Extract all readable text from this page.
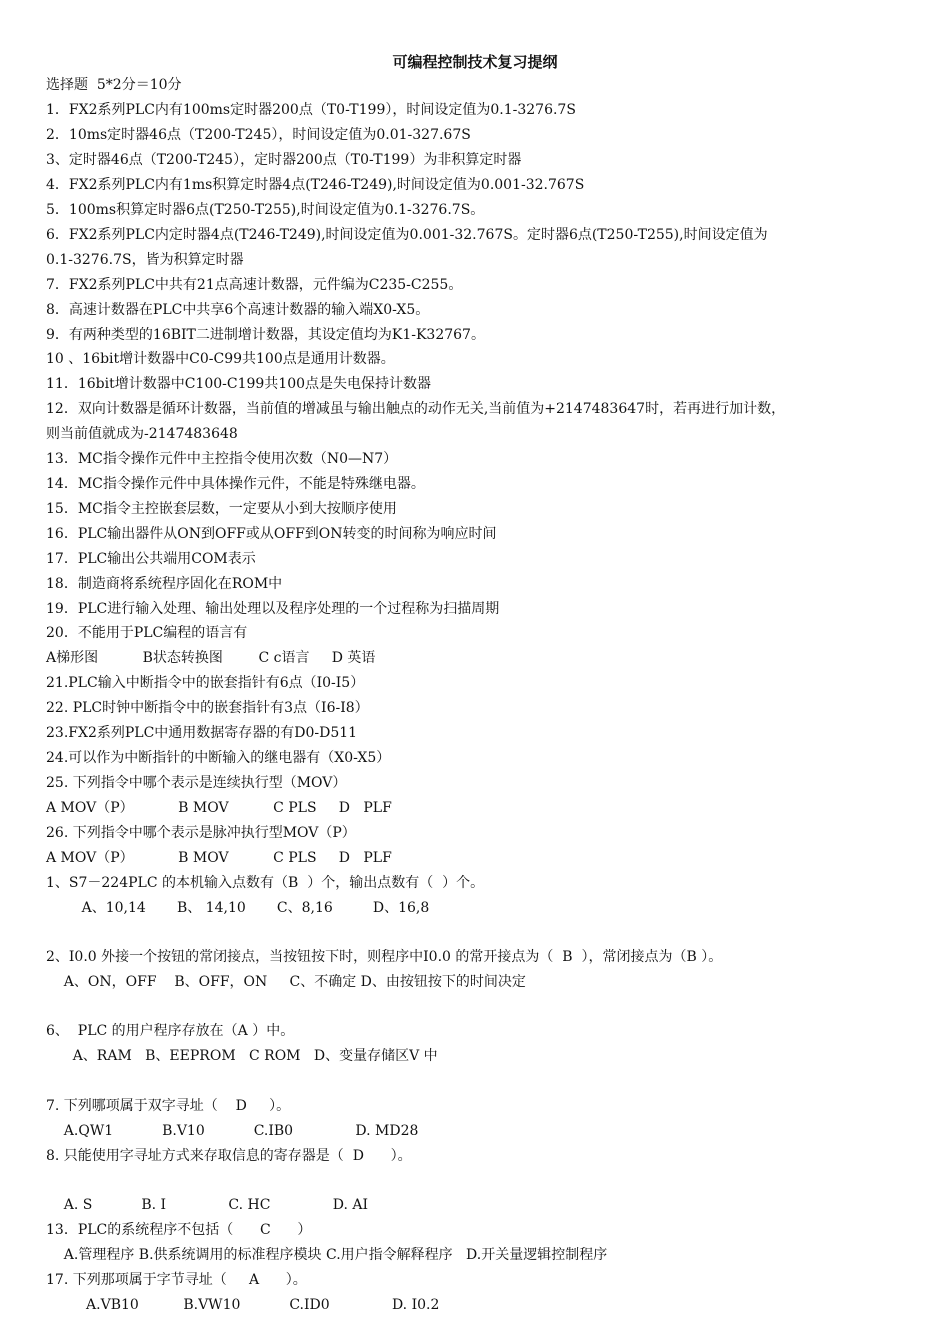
可编程控制技术复习提纲
选择题  5*2分＝10分
1．FX2系列PLC内有100ms定时器200点（T0-T199），时间设定值为0.1-3276.7S
2．10ms定时器46点（T200-T245），时间设定值为0.01-327.67S
3、定时器46点（T200-T245），定时器200点（T0-T199）为非积算定时器
4．FX2系列PLC内有1ms积算定时器4点(T246-T249),时间设定值为0.001-32.767S
5．100ms积算定时器6点(T250-T255),时间设定值为0.1-3276.7S。
6．FX2系列PLC内定时器4点(T246-T249),时间设定值为0.001-32.767S。定时器6点(T250-T255),时间设定值为
0.1-3276.7S，皆为积算定时器
7．FX2系列PLC中共有21点高速计数器，元件编为C235-C255。
8．高速计数器在PLC中共享6个高速计数器的输入端X0-X5。
9．有两种类型的16BIT二进制增计数器，其设定值均为K1-K32767。
10 、16bit增计数器中C0-C99共100点是通用计数器。
11．16bit增计数器中C100-C199共100点是失电保持计数器
12．双向计数器是循环计数器，当前值的增减虽与输出触点的动作无关,当前值为+2147483647时，若再进行加计数，
则当前值就成为-2147483648
13．MC指令操作元件中主控指令使用次数（N0—N7）
14．MC指令操作元件中具体操作元件，不能是特殊继电器。
15．MC指令主控嵌套层数，一定要从小到大按顺序使用
16．PLC输出器件从ON到OFF或从OFF到ON转变的时间称为响应时间
17．PLC输出公共端用COM表示
18．制造商将系统程序固化在ROM中
19．PLC进行输入处理、输出处理以及程序处理的一个过程称为扫描周期
20．不能用于PLC编程的语言有
A梯形图          B状态转换图        C c语言     D 英语
21.PLC输入中断指令中的嵌套指针有6点（I0-I5）
22. PLC时钟中断指令中的嵌套指针有3点（I6-I8）
23.FX2系列PLC中通用数据寄存器的有D0-D511
24.可以作为中断指针的中断输入的继电器有（X0-X5）
25. 下列指令中哪个表示是连续执行型（MOV）
A MOV（P）          B MOV          C PLS     D   PLF
26. 下列指令中哪个表示是脉冲执行型MOV（P）
A MOV（P）          B MOV          C PLS     D   PLF
1、S7－224PLC 的本机输入点数有（B  ）个，输出点数有（  ）个。
A、10,14       B、 14,10       C、8,16         D、16,8
2、I0.0 外接一个按钮的常闭接点，当按钮按下时，则程序中I0.0 的常开接点为（  B  ），常闭接点为（B ）。
A、ON，OFF    B、OFF，ON     C、不确定 D、由按钮按下的时间决定
6、  PLC 的用户程序存放在（A ）中。
A、RAM   B、EEPROM   C ROM   D、变量存储区V 中
7. 下列哪项属于双字寻址（    D     ）。
A.QW1           B.V10           C.IB0              D. MD28
8. 只能使用字寻址方式来存取信息的寄存器是（  D      ）。
A. S           B. I              C. HC              D. AI
13．PLC的系统程序不包括（      C      ）
A.管理程序 B.供系统调用的标准程序模块 C.用户指令解释程序   D.开关量逻辑控制程序
17. 下列那项属于字节寻址（     A      ）。
A.VB10          B.VW10           C.ID0              D. I0.2
